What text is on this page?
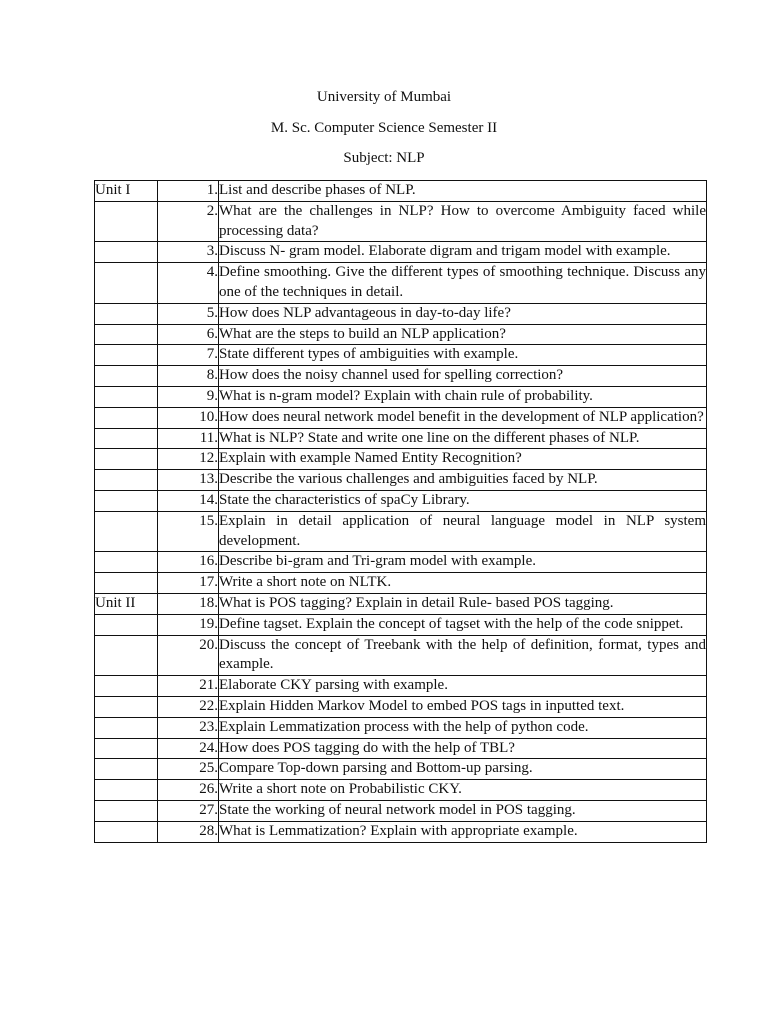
University of Mumbai
M. Sc. Computer Science Semester II
Subject: NLP
Unit I	1.	List and describe phases of NLP.
	2.	What are the challenges in NLP? How to overcome Ambiguity faced while processing data?
	3.	Discuss N- gram model. Elaborate digram and trigam model with example.
	4.	Define smoothing. Give the different types of smoothing technique. Discuss any one of the techniques in detail.
	5.	How does NLP advantageous in day-to-day life?
	6.	What are the steps to build an NLP application?
	7.	State different types of ambiguities with example.
	8.	How does the noisy channel used for spelling correction?
	9.	What is n-gram model? Explain with chain rule of probability.
	10.	How does neural network model benefit in the development of NLP application?
	11.	What is NLP? State and write one line on the different phases of NLP.
	12.	Explain with example Named Entity Recognition?
	13.	Describe the various challenges and ambiguities faced by NLP.
	14.	State the characteristics of spaCy Library.
	15.	Explain in detail application of neural language model in NLP system development.
	16.	Describe bi-gram and Tri-gram model with example.
	17.	Write a short note on NLTK.
Unit II	18.	What is POS tagging? Explain in detail Rule- based POS tagging.
	19.	Define tagset. Explain the concept of tagset with the help of the code snippet.
	20.	Discuss the concept of Treebank with the help of definition, format, types and example.
	21.	Elaborate CKY parsing with example.
	22.	Explain Hidden Markov Model to embed POS tags in inputted text.
	23.	Explain Lemmatization process with the help of python code.
	24.	How does POS tagging do with the help of TBL?
	25.	Compare Top-down parsing and Bottom-up parsing.
	26.	Write a short note on Probabilistic CKY.
	27.	State the working of neural network model in POS tagging.
	28.	What is Lemmatization? Explain with appropriate example.
